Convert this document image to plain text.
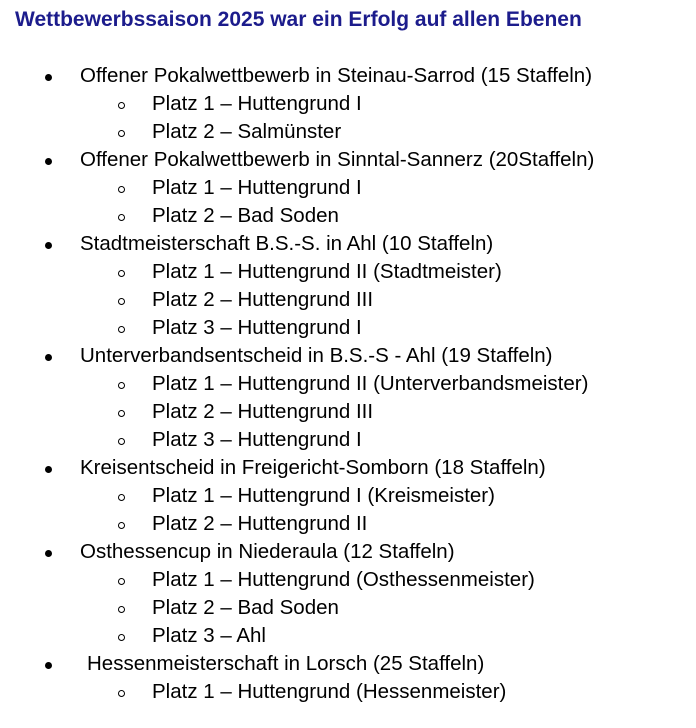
Wettbewerbssaison 2025 war ein Erfolg auf allen Ebenen
Offener Pokalwettbewerb in Steinau-Sarrod (15 Staffeln)
Platz 1 – Huttengrund I
Platz 2 – Salmünster
Offener Pokalwettbewerb in Sinntal-Sannerz (20Staffeln)
Platz 1 – Huttengrund I
Platz 2 – Bad Soden
Stadtmeisterschaft B.S.-S. in Ahl (10 Staffeln)
Platz 1 – Huttengrund II (Stadtmeister)
Platz 2 – Huttengrund III
Platz 3 – Huttengrund I
Unterverbandsentscheid in B.S.-S - Ahl (19 Staffeln)
Platz 1 – Huttengrund II (Unterverbandsmeister)
Platz 2 – Huttengrund III
Platz 3 – Huttengrund I
Kreisentscheid in Freigericht-Somborn (18 Staffeln)
Platz 1 – Huttengrund I (Kreismeister)
Platz 2 – Huttengrund II
Osthessencup in Niederaula (12 Staffeln)
Platz 1 – Huttengrund (Osthessenmeister)
Platz 2 – Bad Soden
Platz 3 – Ahl
Hessenmeisterschaft in Lorsch (25 Staffeln)
Platz 1 – Huttengrund (Hessenmeister)
